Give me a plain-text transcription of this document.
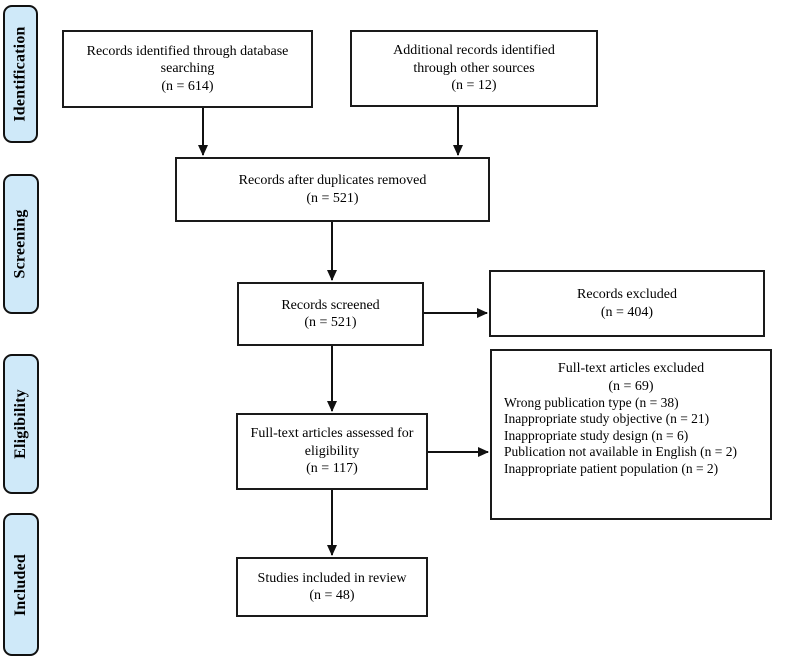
Identification
Screening
Eligibility
Included
Records identified through database searching
(n = 614)
Additional records identified through other sources
(n = 12)
Records after duplicates removed
(n = 521)
Records screened
(n = 521)
Records excluded
(n = 404)
Full-text articles assessed for eligibility
(n = 117)
Full-text articles excluded
(n = 69)
Wrong publication type (n = 38)
Inappropriate study objective (n = 21)
Inappropriate study design (n = 6)
Publication not available in English (n = 2)
Inappropriate patient population (n = 2)
Studies included in review
(n = 48)
